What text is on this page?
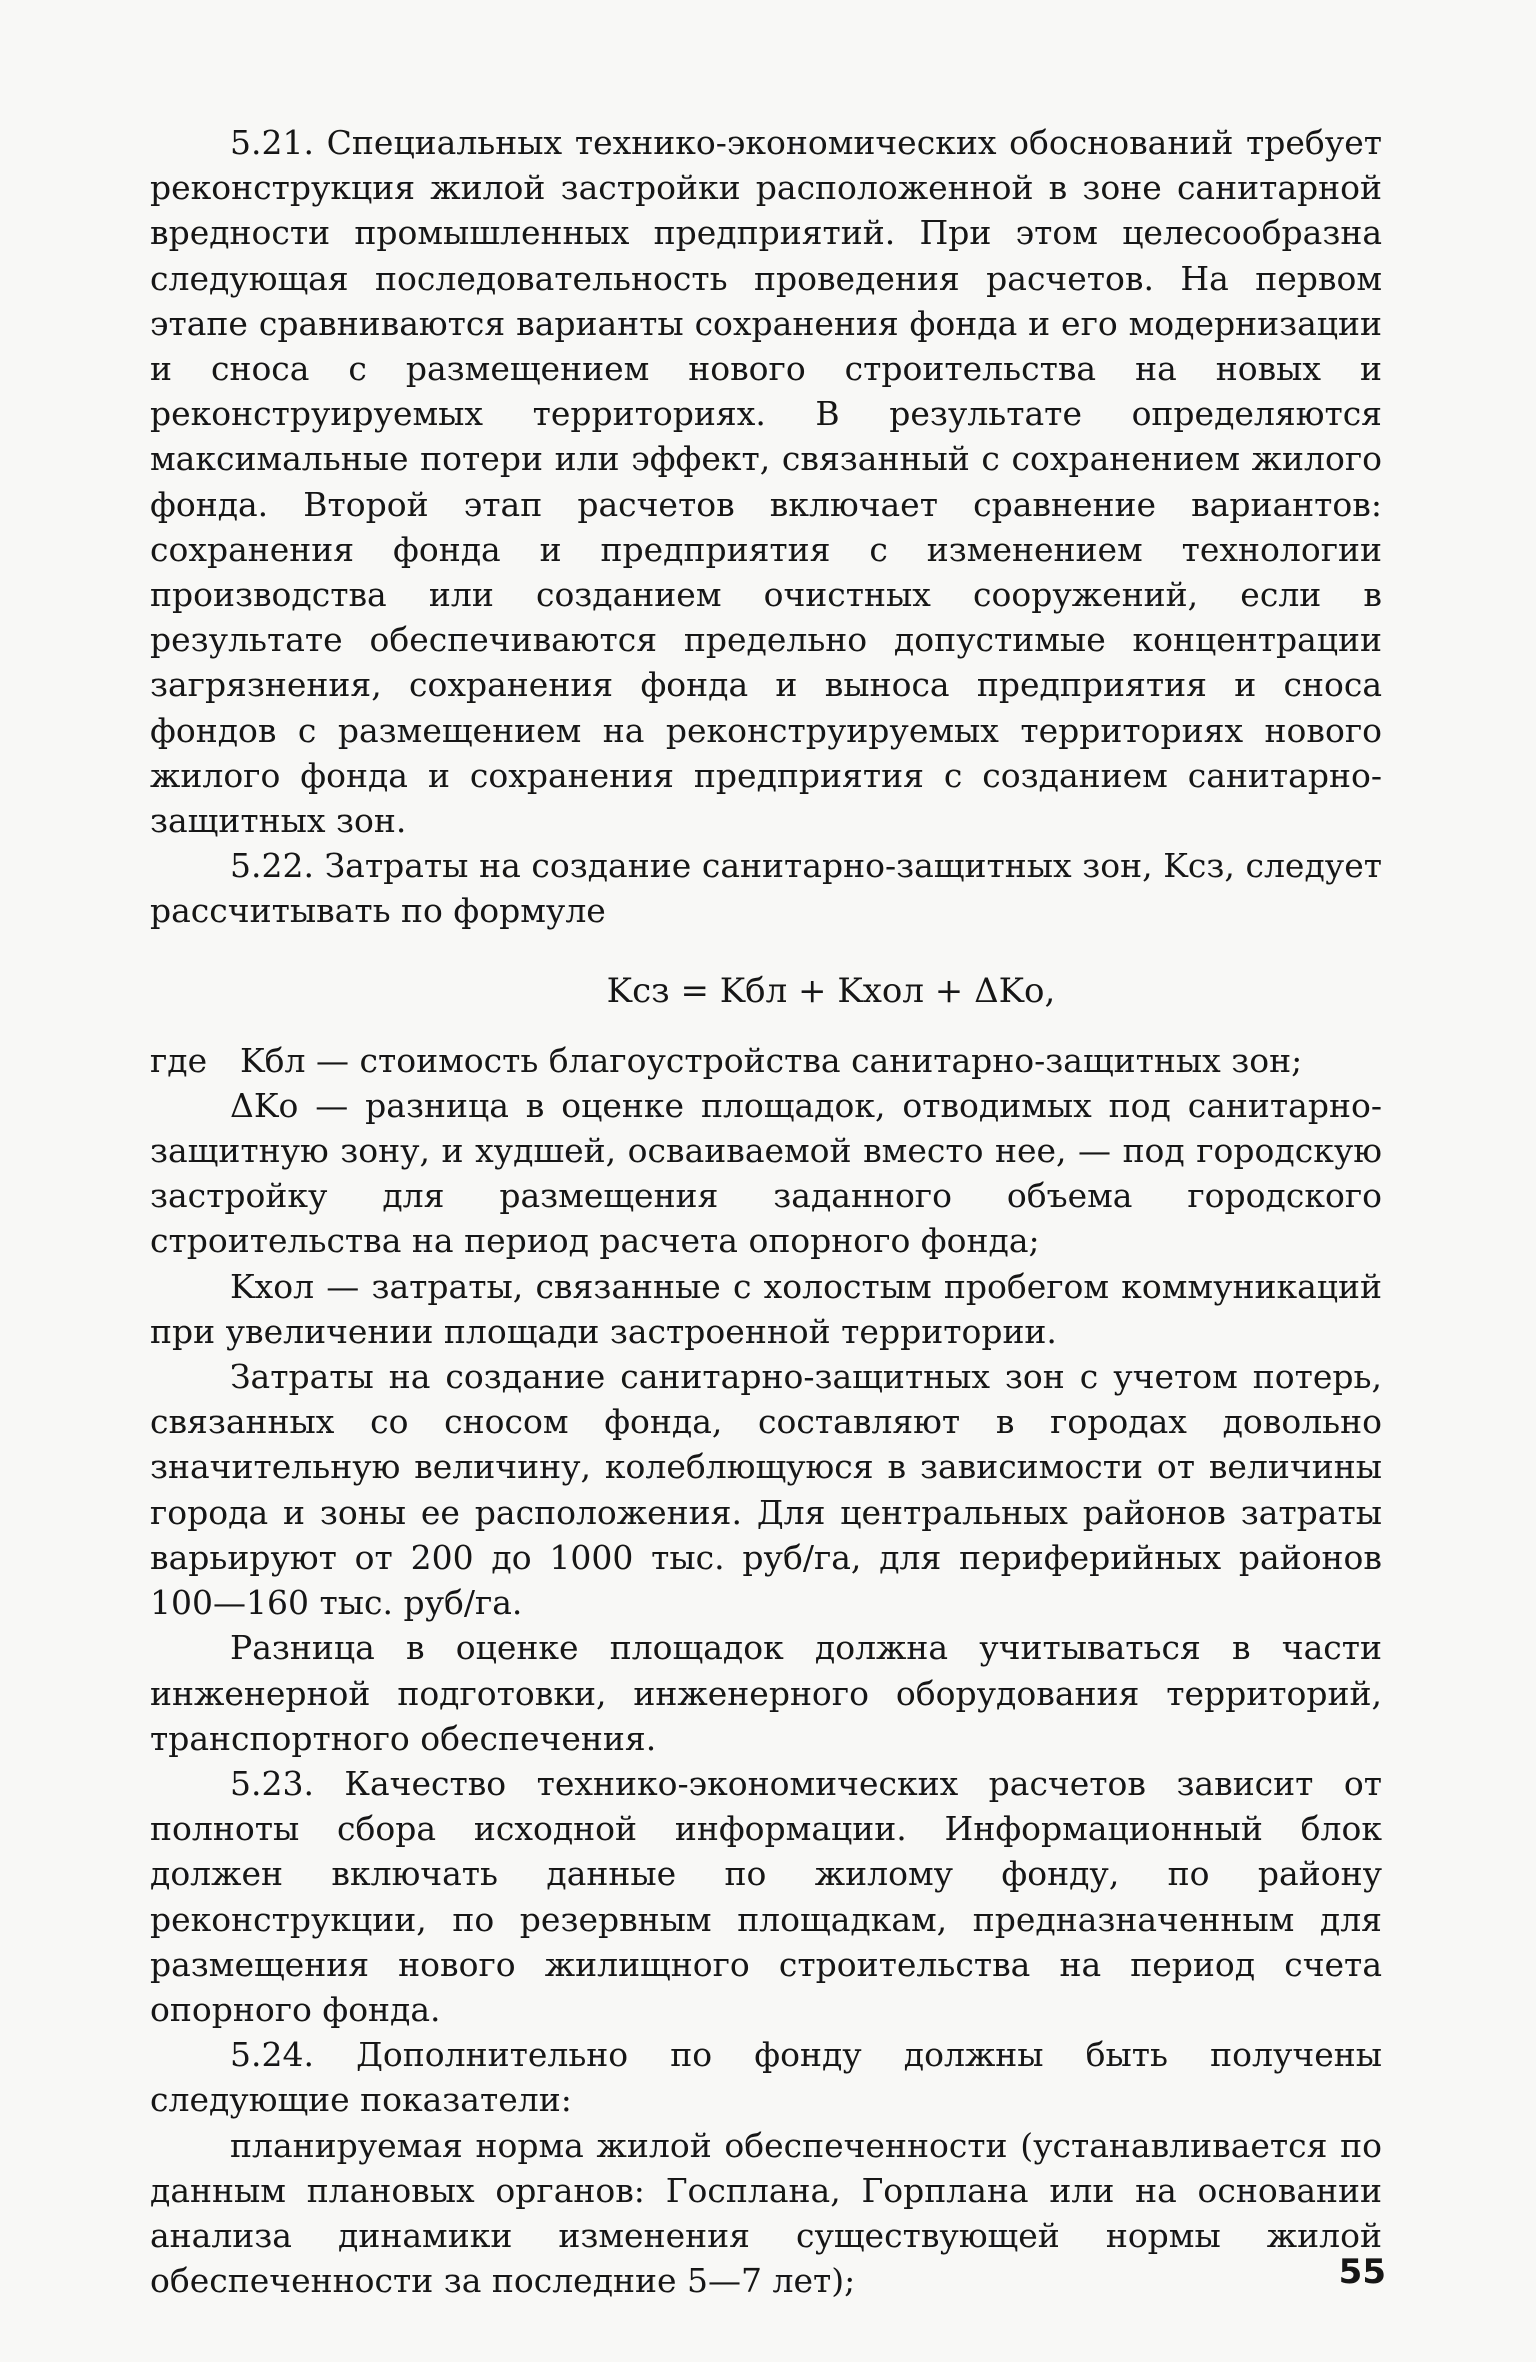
5.21. Специальных технико-экономических обоснований требует реконструкция жилой застройки расположенной в зоне санитарной вредности промышленных предприятий. При этом целесообразна следующая последовательность проведения расчетов. На первом этапе сравниваются варианты сохранения фонда и его модернизации и сноса с размещением нового строительства на новых и реконструируемых территориях. В результате определяются максимальные потери или эффект, связанный с сохранением жилого фонда. Второй этап расчетов включает сравнение вариантов: сохранения фонда и предприятия с изменением технологии производства или созданием очистных сооружений, если в результате обеспечиваются предельно допустимые концентрации загрязнения, сохранения фонда и выноса предприятия и сноса фондов с размещением на реконструируемых территориях нового жилого фонда и сохранения предприятия с созданием санитарно-защитных зон.

5.22. Затраты на создание санитарно-защитных зон, Kсз, следует рассчитывать по формуле

Kсз = Kбл + Kхол + ΔKо,
где Kбл — стоимость благоустройства санитарно-защитных зон;

ΔKо — разница в оценке площадок, отводимых под санитарно-защитную зону, и худшей, осваиваемой вместо нее, — под городскую застройку для размещения заданного объема городского строительства на период расчета опорного фонда;

Kхол — затраты, связанные с холостым пробегом коммуникаций при увеличении площади застроенной территории.

Затраты на создание санитарно-защитных зон с учетом потерь, связанных со сносом фонда, составляют в городах довольно значительную величину, колеблющуюся в зависимости от величины города и зоны ее расположения. Для центральных районов затраты варьируют от 200 до 1000 тыс. руб/га, для периферийных районов 100—160 тыс. руб/га.

Разница в оценке площадок должна учитываться в части инженерной подготовки, инженерного оборудования территорий, транспортного обеспечения.

5.23. Качество технико-экономических расчетов зависит от полноты сбора исходной информации. Информационный блок должен включать данные по жилому фонду, по району реконструкции, по резервным площадкам, предназначенным для размещения нового жилищного строительства на период счета опорного фонда.

5.24. Дополнительно по фонду должны быть получены следующие показатели:

планируемая норма жилой обеспеченности (устанавливается по данным плановых органов: Госплана, Горплана или на основании анализа динамики изменения существующей нормы жилой обеспеченности за последние 5—7 лет);	55
